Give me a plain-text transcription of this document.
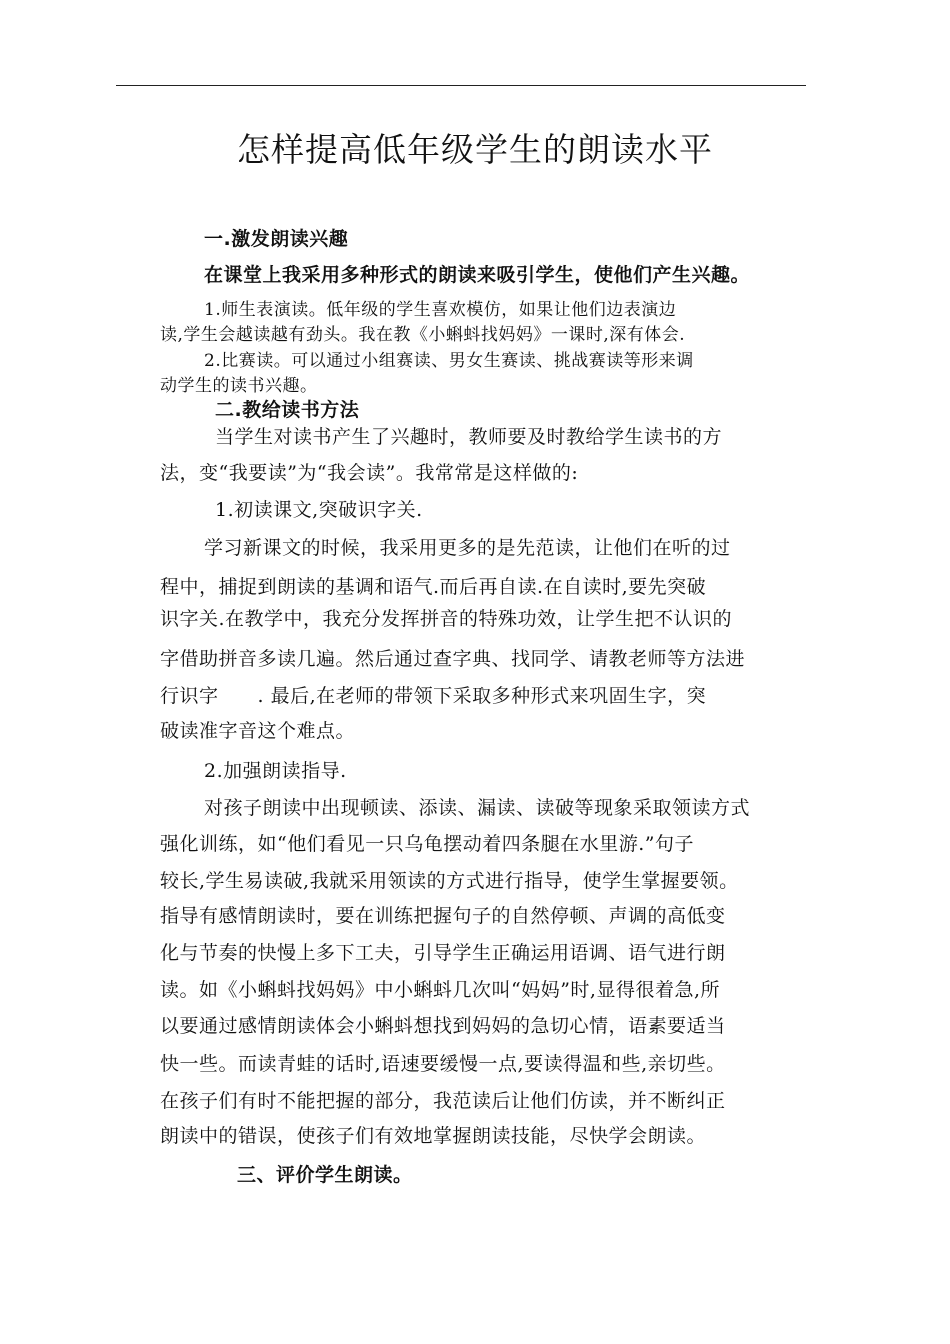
怎样提高低年级学生的朗读水平
一.激发朗读兴趣
在课堂上我采用多种形式的朗读来吸引学生，使他们产生兴趣。
1.师生表演读。低年级的学生喜欢模仿，如果让他们边表演边
读,学生会越读越有劲头。我在教《小蝌蚪找妈妈》一课时,深有体会.
2.比赛读。可以通过小组赛读、男女生赛读、挑战赛读等形来调
动学生的读书兴趣。
二.教给读书方法
当学生对读书产生了兴趣时，教师要及时教给学生读书的方
法，变“我要读”为“我会读”。我常常是这样做的:
1.初读课文,突破识字关.
学习新课文的时候，我采用更多的是先范读，让他们在听的过
程中，捕捉到朗读的基调和语气.而后再自读.在自读时,要先突破
识字关.在教学中，我充分发挥拼音的特殊功效，让学生把不认识的
字借助拼音多读几遍。然后通过查字典、找同学、请教老师等方法进
行识字　　. 最后,在老师的带领下采取多种形式来巩固生字，突
破读准字音这个难点。
2.加强朗读指导.
对孩子朗读中出现顿读、添读、漏读、读破等现象采取领读方式
强化训练，如“他们看见一只乌龟摆动着四条腿在水里游.”句子
较长,学生易读破,我就采用领读的方式进行指导，使学生掌握要领。
指导有感情朗读时，要在训练把握句子的自然停顿、声调的高低变
化与节奏的快慢上多下工夫，引导学生正确运用语调、语气进行朗
读。如《小蝌蚪找妈妈》中小蝌蚪几次叫“妈妈”时,显得很着急,所
以要通过感情朗读体会小蝌蚪想找到妈妈的急切心情，语素要适当
快一些。而读青蛙的话时,语速要缓慢一点,要读得温和些,亲切些。
在孩子们有时不能把握的部分，我范读后让他们仿读，并不断纠正
朗读中的错误，使孩子们有效地掌握朗读技能，尽快学会朗读。
三、评价学生朗读。
